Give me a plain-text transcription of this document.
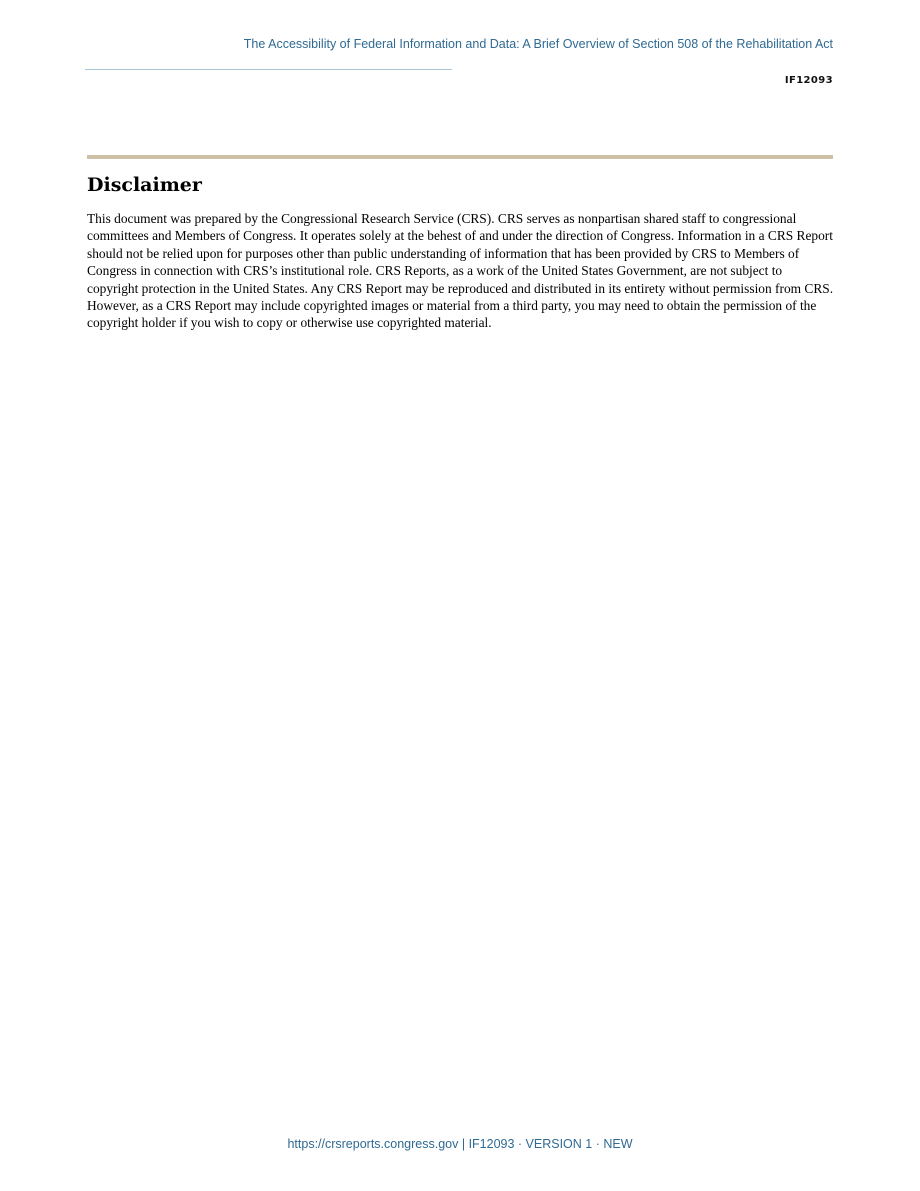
The Accessibility of Federal Information and Data: A Brief Overview of Section 508 of the Rehabilitation Act
IF12093
Disclaimer

This document was prepared by the Congressional Research Service (CRS). CRS serves as nonpartisan shared staff to congressional committees and Members of Congress. It operates solely at the behest of and under the direction of Congress. Information in a CRS Report should not be relied upon for purposes other than public understanding of information that has been provided by CRS to Members of Congress in connection with CRS’s institutional role. CRS Reports, as a work of the United States Government, are not subject to copyright protection in the United States. Any CRS Report may be reproduced and distributed in its entirety without permission from CRS. However, as a CRS Report may include copyrighted images or material from a third party, you may need to obtain the permission of the copyright holder if you wish to copy or otherwise use copyrighted material.

https://crsreports.congress.gov | IF12093 · VERSION 1 · NEW
